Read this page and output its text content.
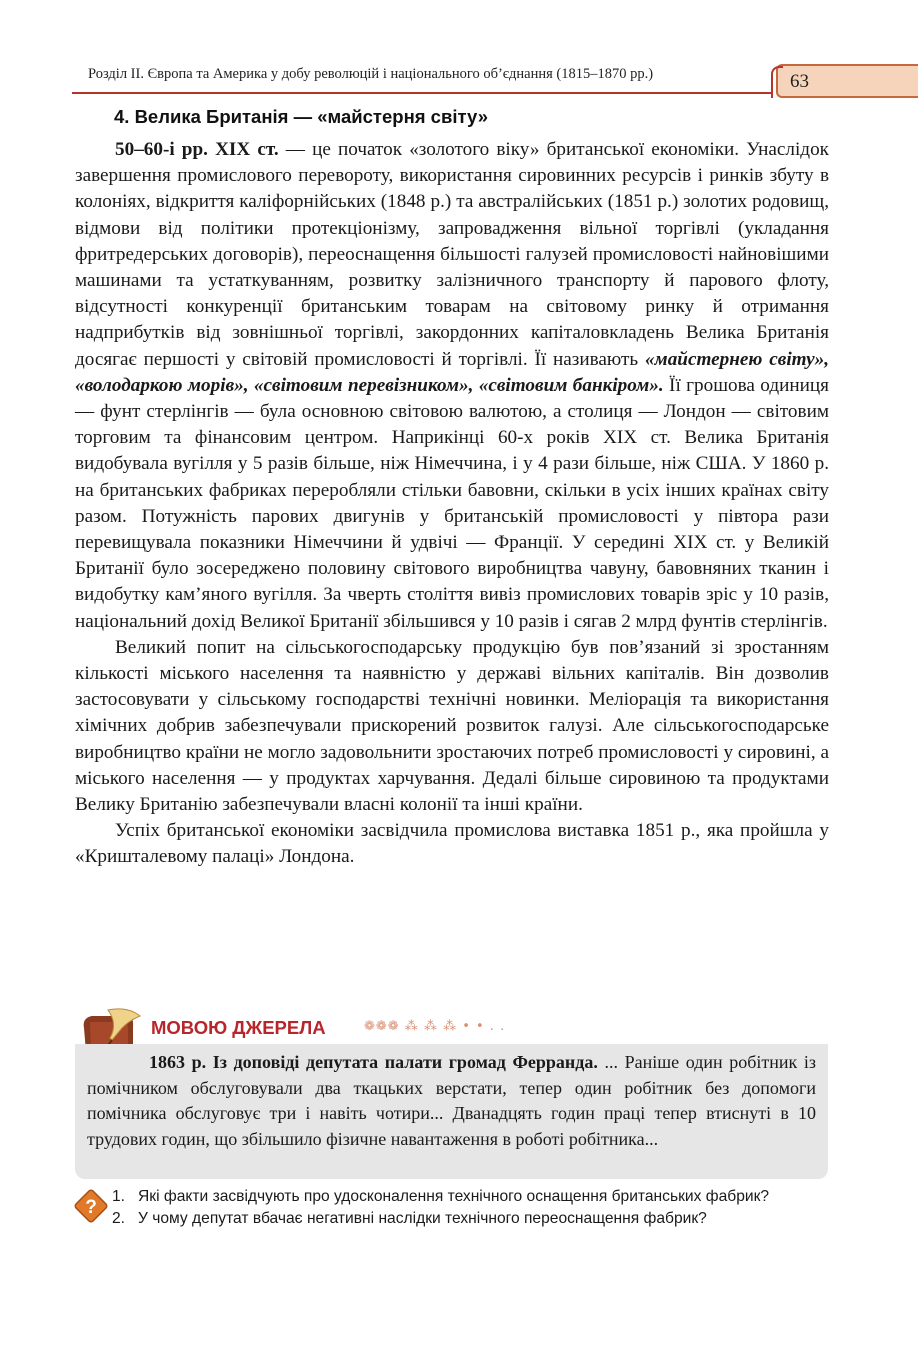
Розділ ІІ. Європа та Америка у добу революцій і національного об’єднання (1815–1870 рр.)	63
4. Велика Британія — «майстерня світу»

50–60-і рр. ХІХ ст. — це початок «золотого віку» британської економіки. Унаслідок завершення промислового перевороту, використання сировинних ресурсів і ринків збуту в колоніях, відкриття каліфорнійських (1848 р.) та австралійських (1851 р.) золотих родовищ, відмови від політики протекціонізму, запровадження вільної торгівлі (укладання фритредерських договорів), переоснащення більшості галузей промисловості найновішими машинами та устаткуванням, розвитку залізничного транспорту й парового флоту, відсутності конкуренції британським товарам на світовому ринку й отримання надприбутків від зовнішньої торгівлі, закордонних капіталовкладень Велика Британія досягає першості у світовій промисловості й торгівлі. Її називають «майстернею світу», «володаркою морів», «світовим перевізником», «світовим банкіром». Її грошова одиниця — фунт стерлінгів — була основною світовою валютою, а столиця — Лондон — світовим торговим та фінансовим центром. Наприкінці 60-х років ХІХ ст. Велика Британія видобувала вугілля у 5 разів більше, ніж Німеччина, і у 4 рази більше, ніж США. У 1860 р. на британських фабриках переробляли стільки бавовни, скільки в усіх інших країнах світу разом. Потужність парових двигунів у британській промисловості у півтора рази перевищувала показники Німеччини й удвічі — Франції. У середині ХІХ ст. у Великій Британії було зосереджено половину світового виробництва чавуну, бавовняних тканин і видобутку кам’яного вугілля. За чверть століття вивіз промислових товарів зріс у 10 разів, національний дохід Великої Британії збільшився у 10 разів і сягав 2 млрд фунтів стерлінгів.

Великий попит на сільськогосподарську продукцію був пов’язаний зі зростанням кількості міського населення та наявністю у державі вільних капіталів. Він дозволив застосовувати у сільському господарстві технічні новинки. Меліорація та використання хімічних добрив забезпечували прискорений розвиток галузі. Але сільськогосподарське виробництво країни не могло задовольнити зростаючих потреб промисловості у сировині, а міського населення — у продуктах харчування. Дедалі більше сировиною та продуктами Велику Британію забезпечували власні колонії та інші країни.

Успіх британської економіки засвідчила промислова виставка 1851 р., яка пройшла у «Кришталевому палаці» Лондона.

МОВОЮ ДЖЕРЕЛА	❁❁❁ ⁂ ⁂ ⁂ • • . .

1863 р. Із доповіді депутата палати громад Ферранда. ... Раніше один робітник із помічником обслуговували два ткацьких верстати, тепер один робітник без допомоги помічника обслуговує три і навіть чотири... Дванадцять годин праці тепер втиснуті в 10 трудових годин, що збільшило фізичне навантаження в роботі робітника...

?
1. Які факти засвідчують про удосконалення технічного оснащення британських фабрик?
2. У чому депутат вбачає негативні наслідки технічного переоснащення фабрик?
